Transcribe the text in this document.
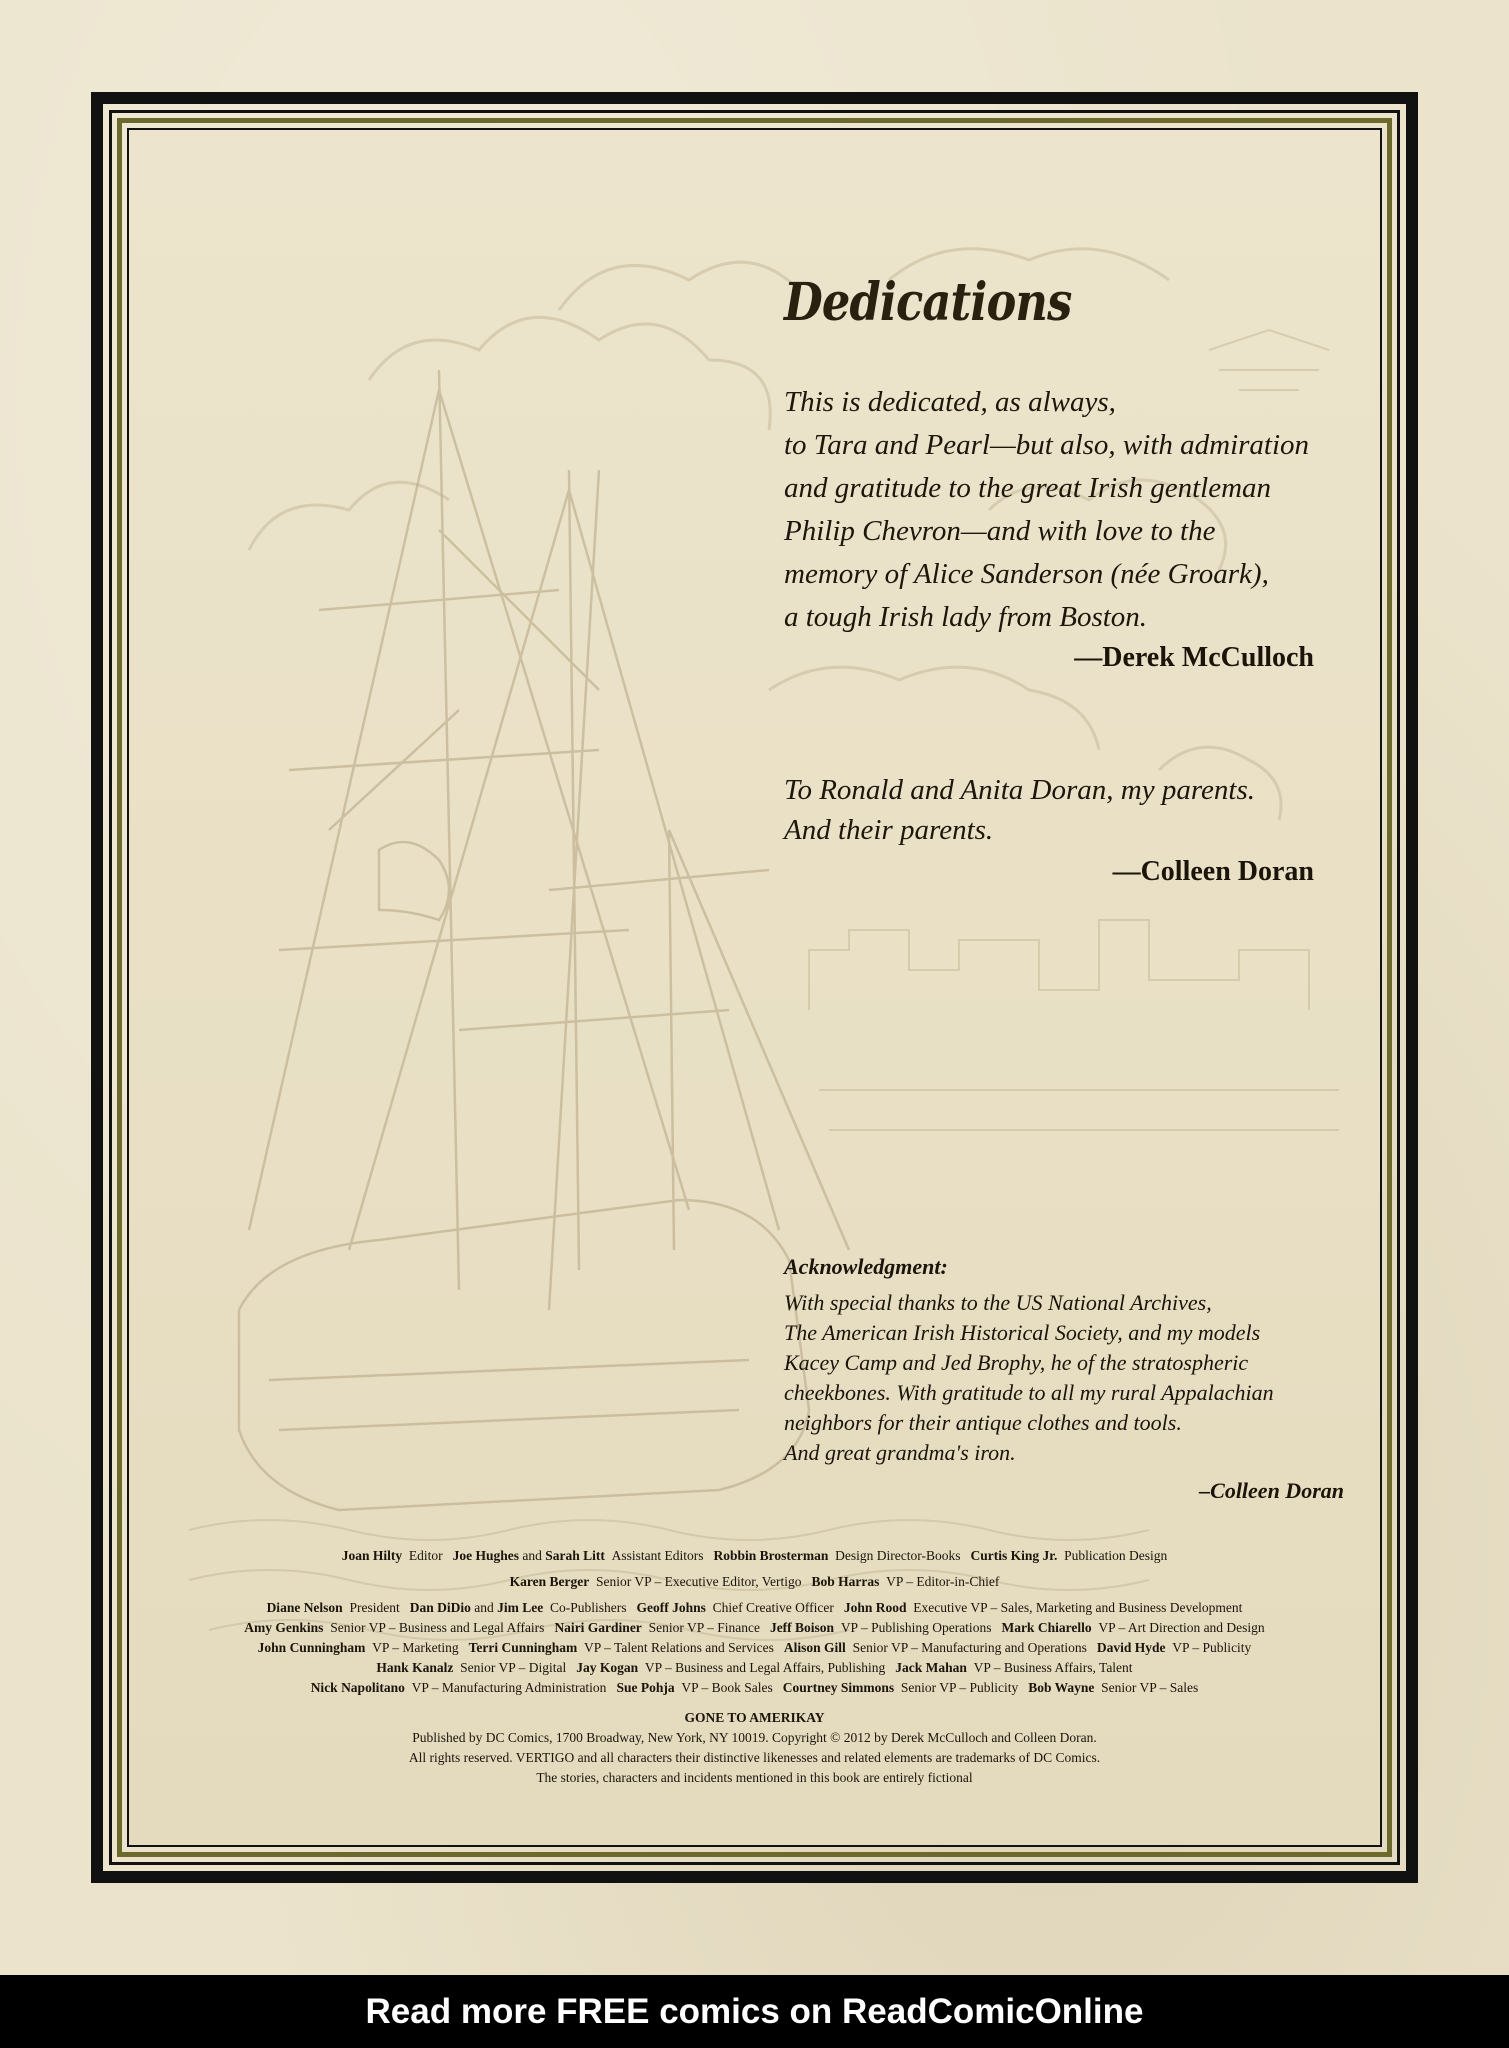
Dedications
This is dedicated, as always,
to Tara and Pearl—but also, with admiration
and gratitude to the great Irish gentleman
Philip Chevron—and with love to the
memory of Alice Sanderson (née Groark),
a tough Irish lady from Boston.
—Derek McCulloch
To Ronald and Anita Doran, my parents.
And their parents.
—Colleen Doran
Acknowledgment:
With special thanks to the US National Archives,
The American Irish Historical Society, and my models
Kacey Camp and Jed Brophy, he of the stratospheric
cheekbones. With gratitude to all my rural Appalachian
neighbors for their antique clothes and tools.
And great grandma's iron.
–Colleen Doran
Joan Hilty Editor Joe Hughes and Sarah Litt Assistant Editors Robbin Brosterman Design Director-Books Curtis King Jr. Publication Design
Karen Berger Senior VP – Executive Editor, Vertigo Bob Harras VP – Editor-in-Chief
Diane Nelson President Dan DiDio and Jim Lee Co-Publishers Geoff Johns Chief Creative Officer John Rood Executive VP – Sales, Marketing and Business Development
Amy Genkins Senior VP – Business and Legal Affairs Nairi Gardiner Senior VP – Finance Jeff Boison VP – Publishing Operations Mark Chiarello VP – Art Direction and Design
John Cunningham VP – Marketing Terri Cunningham VP – Talent Relations and Services Alison Gill Senior VP – Manufacturing and Operations David Hyde VP – Publicity
Hank Kanalz Senior VP – Digital Jay Kogan VP – Business and Legal Affairs, Publishing Jack Mahan VP – Business Affairs, Talent
Nick Napolitano VP – Manufacturing Administration Sue Pohja VP – Book Sales Courtney Simmons Senior VP – Publicity Bob Wayne Senior VP – Sales
GONE TO AMERIKAY
Published by DC Comics, 1700 Broadway, New York, NY 10019. Copyright © 2012 by Derek McCulloch and Colleen Doran.
All rights reserved. VERTIGO and all characters their distinctive likenesses and related elements are trademarks of DC Comics.
The stories, characters and incidents mentioned in this book are entirely fictional
Read more FREE comics on ReadComicOnline
